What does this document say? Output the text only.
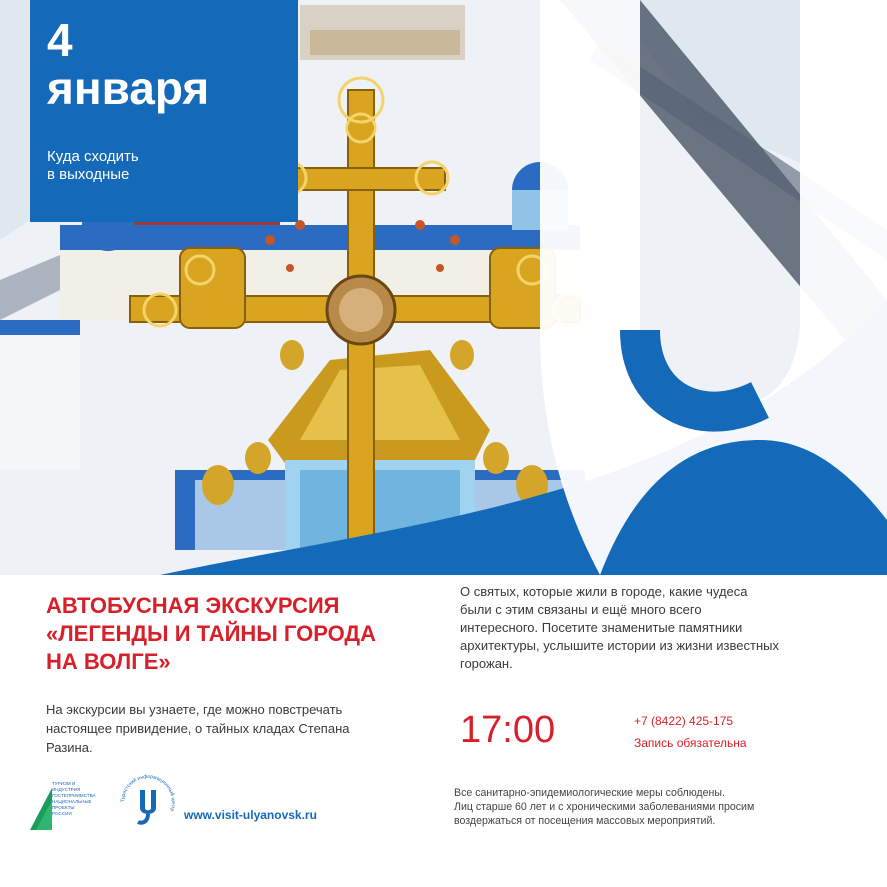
4
января
Куда сходить
в выходные
АВТОБУСНАЯ ЭКСКУРСИЯ
«ЛЕГЕНДЫ И ТАЙНЫ ГОРОДА
НА ВОЛГЕ»
На экскурсии вы узнаете, где можно повстречать
настоящее привидение, о тайных кладах Степана
Разина.
О святых, которые жили в городе, какие чудеса
были с этим связаны и ещё много всего
интересного. Посетите знаменитые памятники
архитектуры, услышите истории из жизни известных
горожан.
17:00	+7 (8422) 425-175
Запись обязательна
Все санитарно-эпидемиологические меры соблюдены.
Лиц старше 60 лет и с хроническими заболеваниями просим
воздержаться от посещения массовых мероприятий.
ТУРИЗМ И ИНДУСТРИЯ
ГОСТЕПРИИМСТВА
НАЦИОНАЛЬНЫЕ
ПРОЕКТЫ
РОССИИ
Туристский информационный центр www.visit-ulyanovsk.ru
